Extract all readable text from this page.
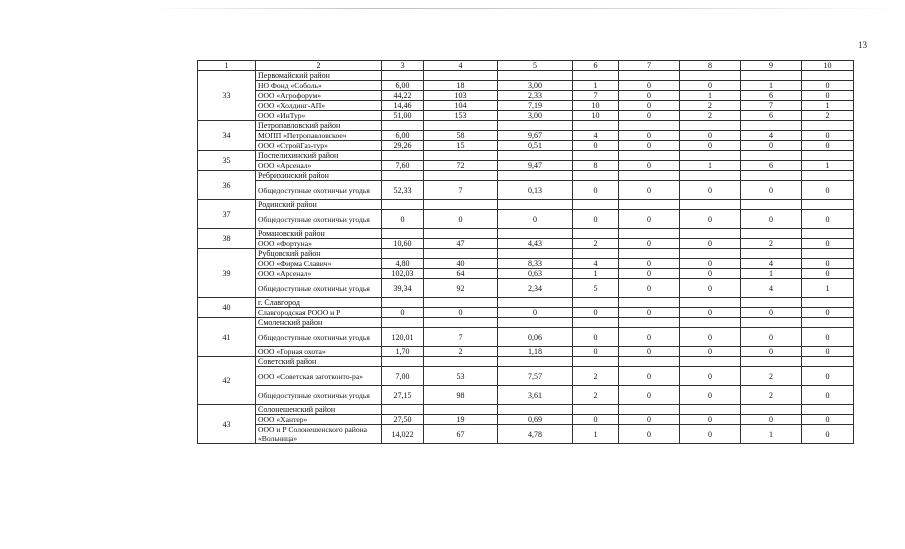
13
1	2	3	4	5	6	7	8	9	10
33	Первомайский район								
	НО Фонд «Соболь»	6,00	18	3,00	1	0	0	1	0
	ООО «Агрофорум»	44,22	103	2,33	7	0	1	6	0
	ООО «Холдинг-АП»	14,46	104	7,19	10	0	2	7	1
	ООО «ИнТур»	51,00	153	3,00	10	0	2	6	2
34	Петропавловский район								
	МОПП «Петропавловское»	6,00	58	9,67	4	0	0	4	0
	ООО «СтройГаз-тур»	29,26	15	0,51	0	0	0	0	0
35	Поспелихинский район								
	ООО «Арсенал»	7,60	72	9,47	8	0	1	6	1
36	Ребрихинский район								
	Общедоступные охотничьи угодья	52,33	7	0,13	0	0	0	0	0
37	Родинский район								
	Общедоступные охотничьи угодья	0	0	0	0	0	0	0	0
38	Романовский район								
	ООО «Фортуна»	10,60	47	4,43	2	0	0	2	0
39	Рубцовский район								
	ООО «Фирма Славич»	4,80	40	8,33	4	0	0	4	0
	ООО «Арсенал»	102,03	64	0,63	1	0	0	1	0
	Общедоступные охотничьи угодья	39,34	92	2,34	5	0	0	4	1
40	г. Славгород								
	Славгородская РООО и Р	0	0	0	0	0	0	0	0
41	Смоленский район								
	Общедоступные охотничьи угодья	120,01	7	0,06	0	0	0	0	0
	ООО «Горная охота»	1,70	2	1,18	0	0	0	0	0
42	Советский район								
	ООО «Советская заготконто-ра»	7,00	53	7,57	2	0	0	2	0
	Общедоступные охотничьи угодья	27,15	98	3,61	2	0	0	2	0
43	Солонешенский район								
	ООО «Хантер»	27,50	19	0,69	0	0	0	0	0
	ООО и Р Солонешенского района «Вольница»	14,022	67	4,78	1	0	0	1	0
